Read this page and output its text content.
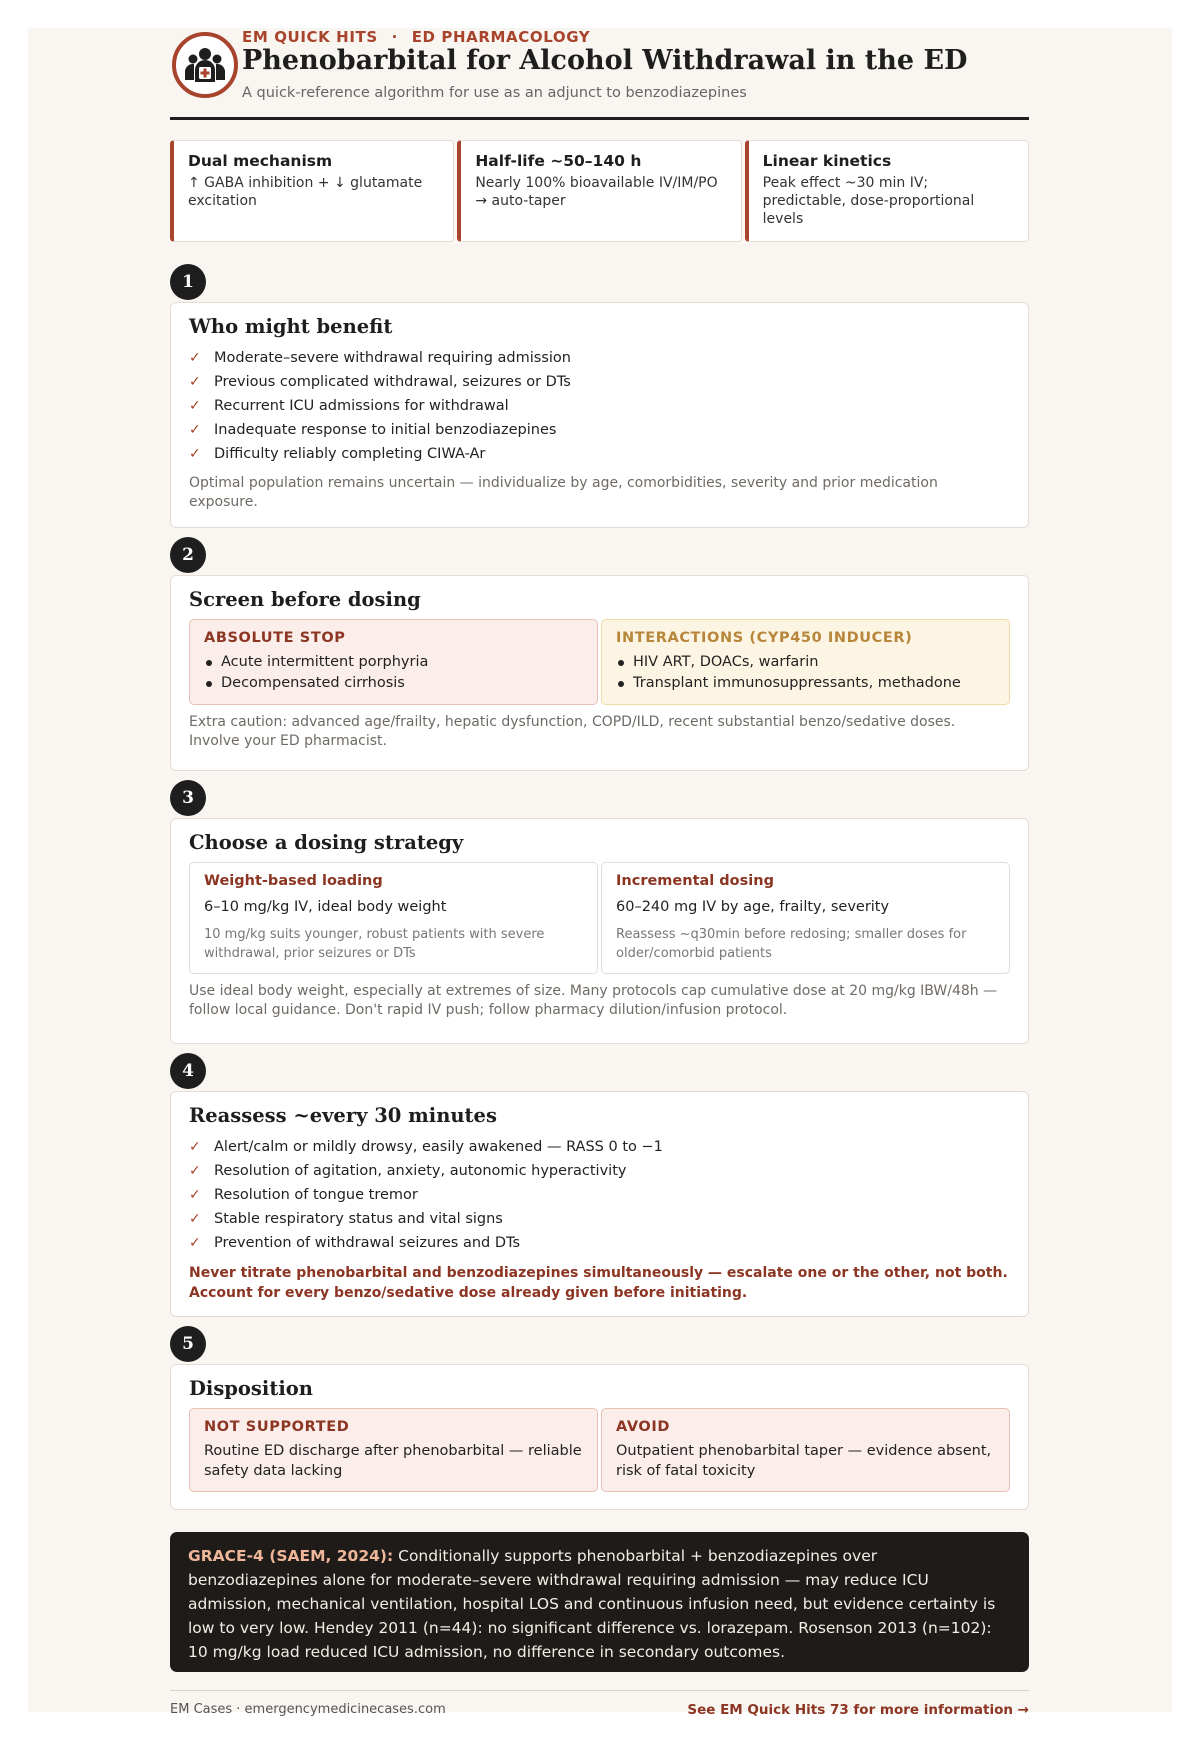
EM QUICK HITS · ED PHARMACOLOGY
Phenobarbital for Alcohol Withdrawal in the ED
A quick-reference algorithm for use as an adjunct to benzodiazepines
Dual mechanism
↑ GABA inhibition + ↓ glutamate excitation
Half-life ~50–140 h
Nearly 100% bioavailable IV/IM/PO → auto-taper
Linear kinetics
Peak effect ~30 min IV; predictable, dose-proportional levels
1
Who might benefit
✓ Moderate–severe withdrawal requiring admission
✓ Previous complicated withdrawal, seizures or DTs
✓ Recurrent ICU admissions for withdrawal
✓ Inadequate response to initial benzodiazepines
✓ Difficulty reliably completing CIWA-Ar
Optimal population remains uncertain — individualize by age, comorbidities, severity and prior medication exposure.
2
Screen before dosing
ABSOLUTE STOP
Acute intermittent porphyria
Decompensated cirrhosis
INTERACTIONS (CYP450 INDUCER)
HIV ART, DOACs, warfarin
Transplant immunosuppressants, methadone
Extra caution: advanced age/frailty, hepatic dysfunction, COPD/ILD, recent substantial benzo/sedative doses. Involve your ED pharmacist.
3
Choose a dosing strategy
Weight-based loading
6–10 mg/kg IV, ideal body weight
10 mg/kg suits younger, robust patients with severe withdrawal, prior seizures or DTs
Incremental dosing
60–240 mg IV by age, frailty, severity
Reassess ~q30min before redosing; smaller doses for older/comorbid patients
Use ideal body weight, especially at extremes of size. Many protocols cap cumulative dose at 20 mg/kg IBW/48h — follow local guidance. Don't rapid IV push; follow pharmacy dilution/infusion protocol.
4
Reassess ~every 30 minutes
✓ Alert/calm or mildly drowsy, easily awakened — RASS 0 to −1
✓ Resolution of agitation, anxiety, autonomic hyperactivity
✓ Resolution of tongue tremor
✓ Stable respiratory status and vital signs
✓ Prevention of withdrawal seizures and DTs
Never titrate phenobarbital and benzodiazepines simultaneously — escalate one or the other, not both. Account for every benzo/sedative dose already given before initiating.
5
Disposition
NOT SUPPORTED
Routine ED discharge after phenobarbital — reliable safety data lacking
AVOID
Outpatient phenobarbital taper — evidence absent, risk of fatal toxicity
GRACE-4 (SAEM, 2024): Conditionally supports phenobarbital + benzodiazepines over benzodiazepines alone for moderate–severe withdrawal requiring admission — may reduce ICU admission, mechanical ventilation, hospital LOS and continuous infusion need, but evidence certainty is low to very low. Hendey 2011 (n=44): no significant difference vs. lorazepam. Rosenson 2013 (n=102): 10 mg/kg load reduced ICU admission, no difference in secondary outcomes.
EM Cases · emergencymedicinecases.com	See EM Quick Hits 73 for more information →
